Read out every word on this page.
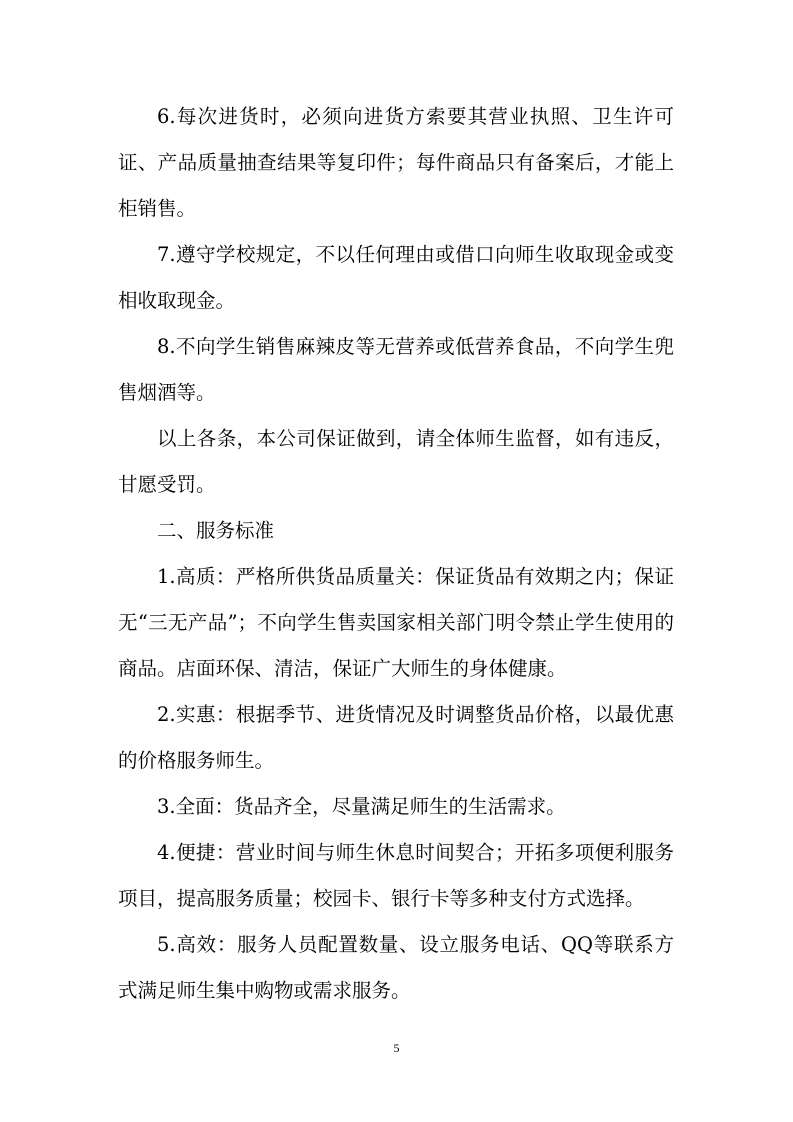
6.每次进货时，必须向进货方索要其营业执照、卫生许可证、产品质量抽查结果等复印件；每件商品只有备案后，才能上柜销售。

7.遵守学校规定，不以任何理由或借口向师生收取现金或变相收取现金。

8.不向学生销售麻辣皮等无营养或低营养食品，不向学生兜售烟酒等。

以上各条，本公司保证做到，请全体师生监督，如有违反，甘愿受罚。

二、服务标准

1.高质：严格所供货品质量关：保证货品有效期之内；保证无“三无产品”；不向学生售卖国家相关部门明令禁止学生使用的商品。店面环保、清洁，保证广大师生的身体健康。

2.实惠：根据季节、进货情况及时调整货品价格，以最优惠的价格服务师生。

3.全面：货品齐全，尽量满足师生的生活需求。

4.便捷：营业时间与师生休息时间契合；开拓多项便利服务项目，提高服务质量；校园卡、银行卡等多种支付方式选择。

5.高效：服务人员配置数量、设立服务电话、QQ等联系方式满足师生集中购物或需求服务。

5
